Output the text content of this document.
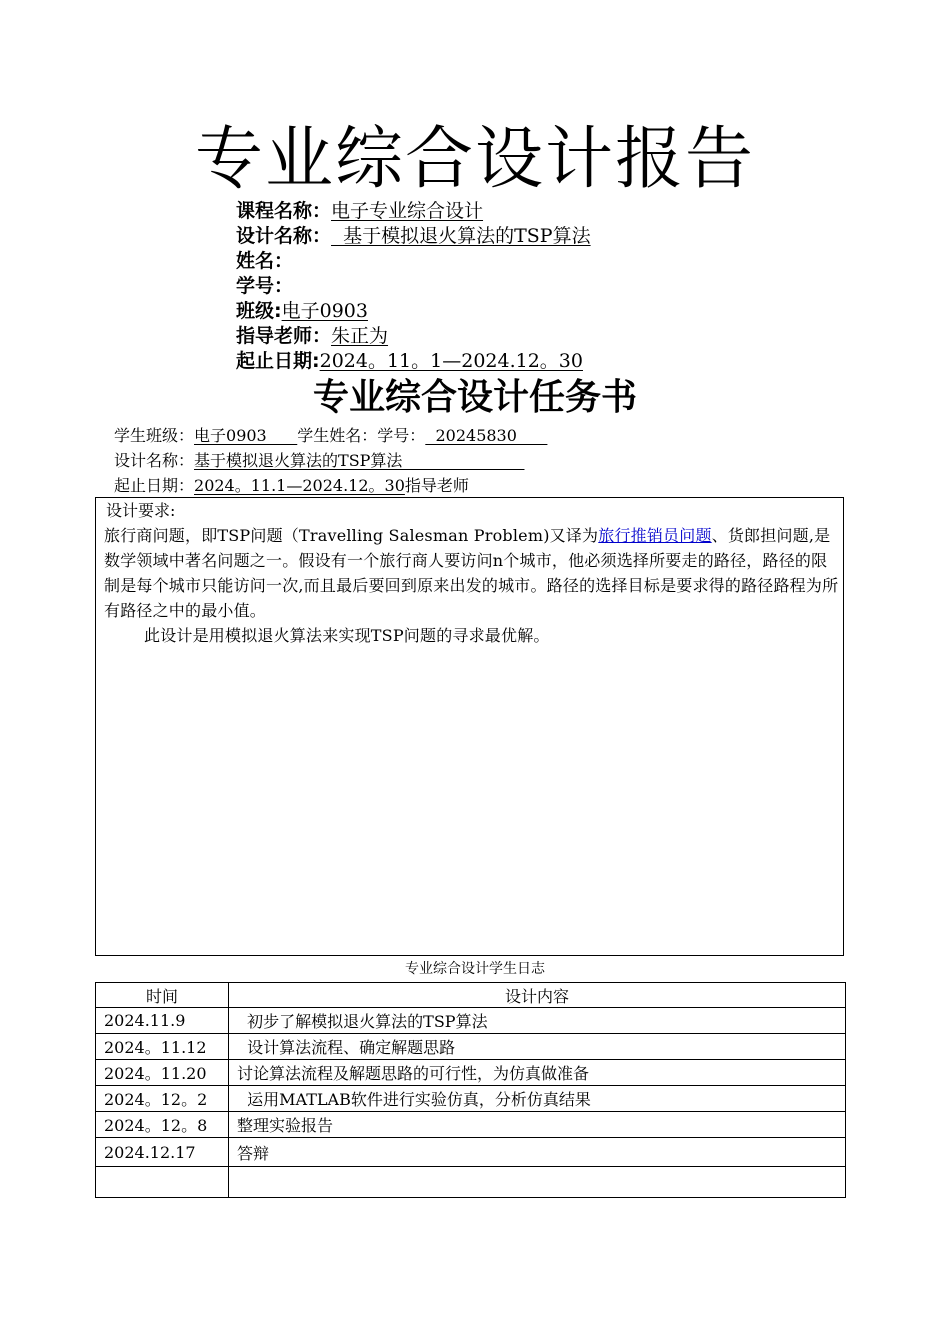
专业综合设计报告
课程名称：电子专业综合设计
设计名称：  基于模拟退火算法的TSP算法
姓名：
学号：
班级:电子0903
指导老师：朱正为
起止日期:2024。11。1—2024.12。30
专业综合设计任务书
学生班级：电子0903      学生姓名：学号：  20245830
设计名称：基于模拟退火算法的TSP算法
起止日期：2024。11.1—2024.12。30指导老师
设计要求:

旅行商问题，即TSP问题（Travelling Salesman Problem)又译为旅行推销员问题、货郎担问题,是数学领域中著名问题之一。假设有一个旅行商人要访问n个城市，他必须选择所要走的路径，路径的限制是每个城市只能访问一次,而且最后要回到原来出发的城市。路径的选择目标是要求得的路径路程为所有路径之中的最小值。

此设计是用模拟退火算法来实现TSP问题的寻求最优解。

专业综合设计学生日志
时间	设计内容
2024.11.9	初步了解模拟退火算法的TSP算法
2024。11.12	设计算法流程、确定解题思路
2024。11.20	讨论算法流程及解题思路的可行性，为仿真做准备
2024。12。2	运用MATLAB软件进行实验仿真，分析仿真结果
2024。12。8	整理实验报告
2024.12.17	答辩
